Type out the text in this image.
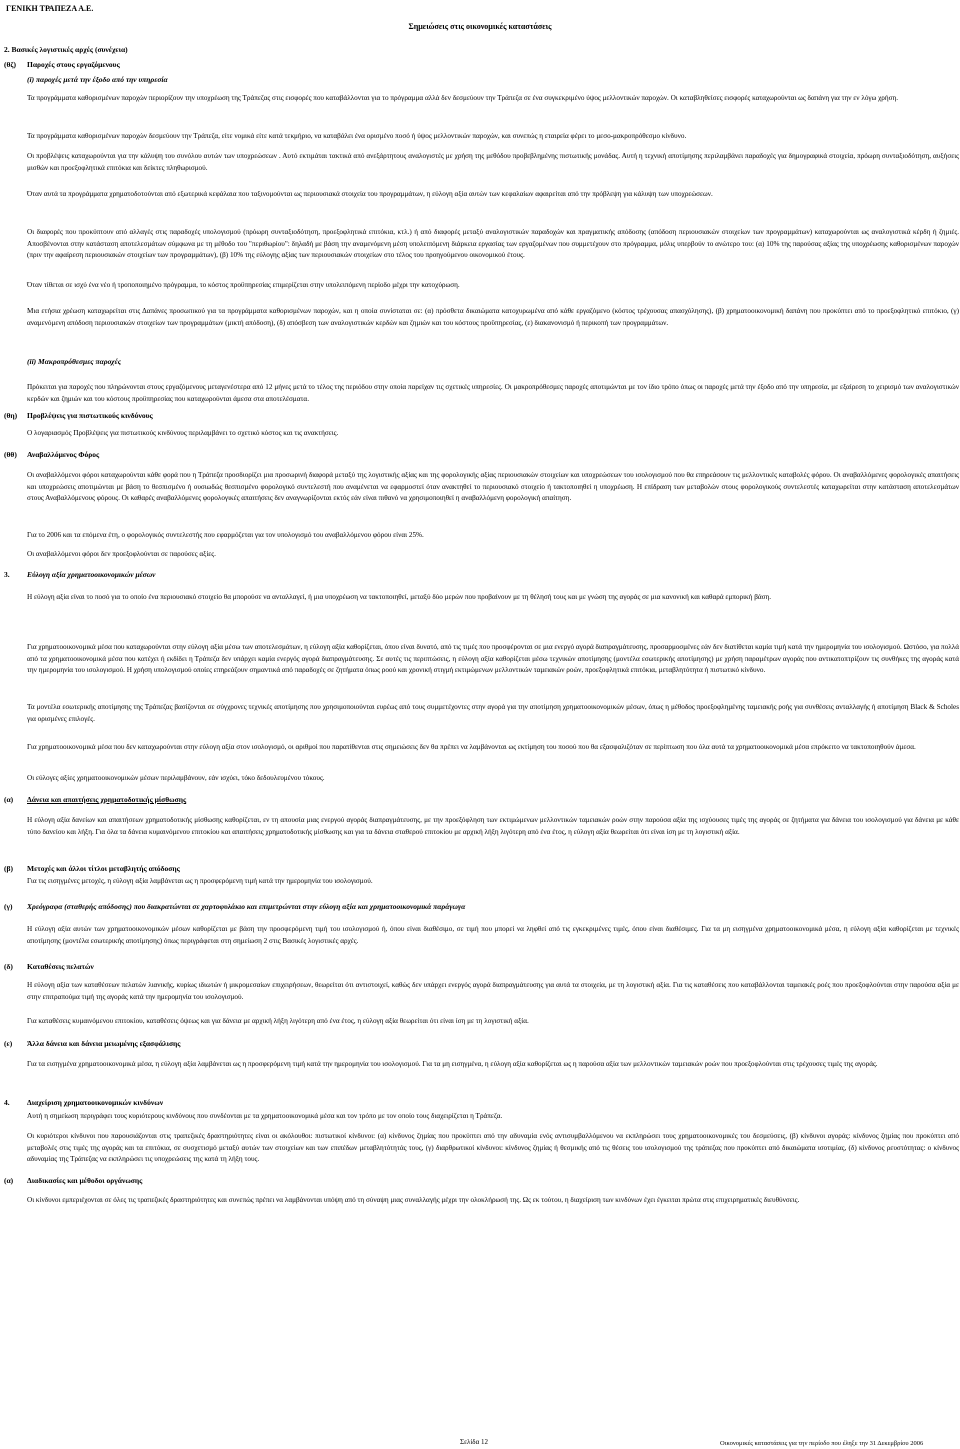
ΓΕΝΙΚΗ ΤΡΑΠΕΖΑ Α.Ε.
Σημειώσεις στις οικονομικές καταστάσεις
2. Βασικές λογιστικές αρχές (συνέχεια)
(θζ) Παροχές στους εργαζόμενους
(i) παροχές μετά την έξοδο από την υπηρεσία
Τα προγράμματα καθορισμένων παροχών περιορίζουν την υποχρέωση της Τράπεζας στις εισφορές που καταβάλλονται για το πρόγραμμα αλλά δεν δεσμεύουν την Τράπεζα σε ένα συγκεκριμένο ύψος μελλοντικών παροχών. Οι καταβληθείσες εισφορές καταχωρούνται ως δαπάνη για την εν λόγω χρήση.
Τα προγράμματα καθορισμένων παροχών δεσμεύουν την Τράπεζα, είτε νομικά είτε κατά τεκμήριο, να καταβάλει ένα ορισμένο ποσό ή ύψος μελλοντικών παροχών, και συνεπώς η εταιρεία φέρει το μεσο-μακροπρόθεσμο κίνδυνο.
Οι προβλέψεις καταχωρούνται για την κάλυψη του συνόλου αυτών των υποχρεώσεων . Αυτό εκτιμάται τακτικά από ανεξάρτητους αναλογιστές με χρήση της μεθόδου προβεβλημένης πιστωτικής μονάδας. Αυτή η τεχνική αποτίμησης περιλαμβάνει παραδοχές για δημογραφικά στοιχεία, πρόωρη συνταξιοδότηση, αυξήσεις μισθών και προεξοφλητικά επιτόκια και δείκτες πληθωρισμού.
Όταν αυτά τα προγράμματα χρηματοδοτούνται από εξωτερικά κεφάλαια που ταξινομούνται ως περιουσιακά στοιχεία του προγραμμάτων, η εύλογη αξία αυτών των κεφαλαίων αφαιρείται από την πρόβλεψη για κάλυψη των υποχρεώσεων.
Οι διαφορές που προκύπτουν από αλλαγές στις παραδοχές υπολογισμού (πρόωρη συνταξιοδότηση, προεξοφλητικά επιτόκια, κτλ.) ή από διαφορές μεταξύ αναλογιστικών παραδοχών και πραγματικής απόδοσης (απόδοση περιουσιακών στοιχείων των προγραμμάτων) καταχωρούνται ως αναλογιστικά κέρδη ή ζημιές. Αποσβένονται στην κατάσταση αποτελεσμάτων σύμφωνα με τη μέθοδο του "περιθωρίου": δηλαδή με βάση την αναμενόμενη μέση υπολειπόμενη διάρκεια εργασίας των εργαζομένων που συμμετέχουν στο πρόγραμμα, μόλις υπερβούν το ανώτερο του: (α) 10% της παρούσας αξίας της υποχρέωσης καθορισμένων παροχών (πριν την αφαίρεση περιουσιακών στοιχείων των προγραμμάτων), (β) 10% της εύλογης αξίας των περιουσιακών στοιχείων στο τέλος του προηγούμενου οικονομικού έτους.
Όταν τίθεται σε ισχύ ένα νέο ή τροποποιημένο πρόγραμμα, το κόστος προϋπηρεσίας επιμερίζεται στην υπολειπόμενη περίοδο μέχρι την κατοχύρωση.
Μια ετήσια χρέωση καταχωρείται στις Δαπάνες προσωπικού για τα προγράμματα καθορισμένων παροχών, και η οποία συνίσταται σε: (α) πρόσθετα δικαιώματα κατοχυρωμένα από κάθε εργαζόμενο (κόστος τρέχουσας απασχόλησης), (β) χρηματοοικονομική δαπάνη που προκύπτει από το προεξοφλητικό επιτόκιο, (γ) αναμενόμενη απόδοση περιουσιακών στοιχείων των προγραμμάτων (μικτή απόδοση), (δ) απόσβεση των αναλογιστικών κερδών και ζημιών και του κόστους προϋπηρεσίας, (ε) διακανονισμό ή περικοπή των προγραμμάτων.
(ii) Μακροπρόθεσμες παροχές
Πρόκειται για παροχές που πληρώνονται στους εργαζόμενους μεταγενέστερα από 12 μήνες μετά το τέλος της περιόδου στην οποία παρείχαν τις σχετικές υπηρεσίες. Οι μακροπρόθεσμες παροχές αποτιμώνται με τον ίδιο τρόπο όπως οι παροχές μετά την έξοδο από την υπηρεσία, με εξαίρεση το χειρισμό των αναλογιστικών κερδών και ζημιών και του κόστους προϋπηρεσίας που καταχωρούνται άμεσα στα αποτελέσματα.
(θη) Προβλέψεις για πιστωτικούς κινδύνους
Ο λογαριασμός Προβλέψεις για πιστωτικούς κινδύνους περιλαμβάνει το σχετικό κόστος και τις ανακτήσεις.
(θθ) Αναβαλλόμενος Φόρος
Οι αναβαλλόμενοι φόροι καταχωρούνται κάθε φορά που η Τράπεζα προσδιορίζει μια προσωρινή διαφορά μεταξύ της λογιστικής αξίας και της φορολογικής αξίας περιουσιακών στοιχείων και υποχρεώσεων του ισολογισμού που θα επηρεάσουν τις μελλοντικές καταβολές φόρου. Οι αναβαλλόμενες φορολογικές απαιτήσεις και υποχρεώσεις αποτιμώνται με βάση το θεσπισμένο ή ουσιωδώς θεσπισμένο φορολογικό συντελεστή που αναμένεται να εφαρμοστεί όταν ανακτηθεί το περιουσιακό στοιχείο ή τακτοποιηθεί η υποχρέωση. Η επίδραση των μεταβολών στους φορολογικούς συντελεστές καταχωρείται στην κατάσταση αποτελεσμάτων στους Αναβαλλόμενους φόρους. Οι καθαρές αναβαλλόμενες φορολογικές απαιτήσεις δεν αναγνωρίζονται εκτός εάν είναι πιθανό να χρησιμοποιηθεί η αναβαλλόμενη φορολογική απαίτηση.
Για το 2006 και τα επόμενα έτη, ο φορολογικός συντελεστής που εφαρμόζεται για τον υπολογισμό του αναβαλλόμενου φόρου είναι 25%.
Οι αναβαλλόμενοι φόροι δεν προεξοφλούνται σε παρούσες αξίες.
3. Εύλογη αξία χρηματοοικονομικών μέσων
Η εύλογη αξία είναι το ποσό για το οποίο ένα περιουσιακό στοιχείο θα μπορούσε να ανταλλαγεί, ή μια υποχρέωση να τακτοποιηθεί, μεταξύ δύο μερών που προβαίνουν με τη θέλησή τους και με γνώση της αγοράς σε μια κανονική και καθαρά εμπορική βάση.
Για χρηματοοικονομικά μέσα που καταχωρούνται στην εύλογη αξία μέσω των αποτελεσμάτων, η εύλογη αξία καθορίζεται, όπου είναι δυνατό, από τις τιμές που προσφέρονται σε μια ενεργό αγορά διαπραγμάτευσης, προσαρμοσμένες εάν δεν διατίθεται καμία τιμή κατά την ημερομηνία του ισολογισμού. Ωστόσο, για πολλά από τα χρηματοοικονομικά μέσα που κατέχει ή εκδίδει η Τράπεζα δεν υπάρχει καμία ενεργός αγορά διαπραγμάτευσης. Σε αυτές τις περιπτώσεις, η εύλογη αξία καθορίζεται μέσω τεχνικών αποτίμησης (μοντέλα εσωτερικής αποτίμησης) με χρήση παραμέτρων αγοράς που αντικατοπτρίζουν τις συνθήκες της αγοράς κατά την ημερομηνία του ισολογισμού. Η χρήση υπολογισμού οποίες επηρεάζουν σημαντικά από παραδοχές σε ζητήματα όπως ροού και χρονική στιγμή εκτιμώμενων μελλοντικών ταμειακών ροών, προεξοφλητικά επιτόκια, μεταβλητότητα ή πιστωτικό κίνδυνο.
Τα μοντέλα εσωτερικής αποτίμησης της Τράπεζας βασίζονται σε σύγχρονες τεχνικές αποτίμησης που χρησιμοποιούνται ευρέως από τους συμμετέχοντες στην αγορά για την αποτίμηση χρηματοοικονομικών μέσων, όπως η μέθοδος προεξοφλημένης ταμειακής ροής για συνθέσεις ανταλλαγής ή αποτίμηση Black & Scholes για ορισμένες επιλογές.
Για χρηματοοικονομικά μέσα που δεν καταχωρούνται στην εύλογη αξία στον ισολογισμό, οι αριθμοί που παρατίθενται στις σημειώσεις δεν θα πρέπει να λαμβάνονται ως εκτίμηση του ποσού που θα εξασφαλιζόταν σε περίπτωση που όλα αυτά τα χρηματοοικονομικά μέσα επρόκειτο να τακτοποιηθούν άμεσα.
Οι εύλογες αξίες χρηματοοικονομικών μέσων περιλαμβάνουν, εάν ισχύει, τόκο δεδουλευμένου τόκους.
(α) Δάνεια και απαιτήσεις χρηματοδοτικής μίσθωσης
Η εύλογη αξία δανείων και απαιτήσεων χρηματοδοτικής μίσθωσης καθορίζεται, εν τη απουσία μιας ενεργού αγοράς διαπραγμάτευσης, με την προεξόφληση των εκτιμώμενων μελλοντικών ταμειακών ροών στην παρούσα αξία της ισχύουσες τιμές της αγοράς σε ζητήματα για δάνεια του ισολογισμού για δάνεια με κάθε τύπο δανείου και λήξη. Για όλα τα δάνεια κυμαινόμενου επιτοκίου και απαιτήσεις χρηματοδοτικής μίσθωσης και για τα δάνεια σταθερού επιτοκίου με αρχική λήξη λιγότερη από ένα έτος, η εύλογη αξία θεωρείται ότι είναι ίση με τη λογιστική αξία.
(β) Μετοχές και άλλοι τίτλοι μεταβλητής απόδοσης
Για τις εισηγμένες μετοχές, η εύλογη αξία λαμβάνεται ως η προσφερόμενη τιμή κατά την ημερομηνία του ισολογισμού.
(γ) Χρεόγραφα (σταθερής απόδοσης) που διακρατώνται σε χαρτοφυλάκιο και επιμετρώνται στην εύλογη αξία και χρηματοοικονομικά παράγωγα
Η εύλογη αξία αυτών των χρηματοοικονομικών μέσων καθορίζεται με βάση την προσφερόμενη τιμή του ισολογισμού ή, όπου είναι διαθέσιμο, σε τιμή που μπορεί να ληφθεί από τις εγκεκριμένες τιμές, όπου είναι διαθέσιμες. Για τα μη εισηγμένα χρηματοοικονομικά μέσα, η εύλογη αξία καθορίζεται με τεχνικές αποτίμησης (μοντέλα εσωτερικής αποτίμησης) όπως περιγράφεται στη σημείωση 2 στις Βασικές λογιστικές αρχές.
(δ) Καταθέσεις πελατών
Η εύλογη αξία των καταθέσεων πελατών λιανικής, κυρίως ιδιωτών ή μικρομεσαίων επιχειρήσεων, θεωρείται ότι αντιστοιχεί, καθώς δεν υπάρχει ενεργός αγορά διαπραγμάτευσης για αυτά τα στοιχεία, με τη λογιστική αξία. Για τις καταθέσεις που καταβάλλονται ταμειακές ροές που προεξοφλούνται στην παρούσα αξία με στην επιτραπούμα τιμή της αγοράς κατά την ημερομηνία του ισολογισμού.
Για καταθέσεις κυμαινόμενου επιτοκίου, καταθέσεις όψεως και για δάνεια με αρχική λήξη λιγότερη από ένα έτος, η εύλογη αξία θεωρείται ότι είναι ίση με τη λογιστική αξία.
(ε) Άλλα δάνεια και δάνεια μειωμένης εξασφάλισης
Για τα εισηγμένα χρηματοοικονομικά μέσα, η εύλογη αξία λαμβάνεται ως η προσφερόμενη τιμή κατά την ημερομηνία του ισολογισμού. Για τα μη εισηγμένα, η εύλογη αξία καθορίζεται ως η παρούσα αξία των μελλοντικών ταμειακών ροών που προεξοφλούνται στις τρέχουσες τιμές της αγοράς.
4. Διαχείριση χρηματοοικονομικών κινδύνων
Αυτή η σημείωση περιγράφει τους κυριότερους κινδύνους που συνδέονται με τα χρηματοοικονομικά μέσα και τον τρόπο με τον οποίο τους διαχειρίζεται η Τράπεζα.
Οι κυριότεροι κίνδυνοι που παρουσιάζονται στις τραπεζικές δραστηριότητες είναι οι ακόλουθοι: πιστωτικοί κίνδυνοι: (α) κίνδυνος ζημίας που προκύπτει από την αδυναμία ενός αντισυμβαλλόμενου να εκπληρώσει τους χρηματοοικονομικές του δεσμεύσεις, (β) κίνδυνοι αγοράς: κίνδυνος ζημίας που προκύπτει από μεταβολές στις τιμές της αγοράς και τα επιτόκια, σε συσχετισμό μεταξύ αυτών των στοιχείων και των επιπέδων μεταβλητότητάς τους, (γ) διαρθρωτικοί κίνδυνοι: κίνδυνος ζημίας ή θεσμικής από τις θέσεις του ισολογισμού της τράπεζας που προκύπτει από δικαιώματα ισοτιμίας, (δ) κίνδυνος ρευστότητας: ο κίνδυνος αδυναμίας της Τράπεζας να εκπληρώσει τις υποχρεώσεις της κατά τη λήξη τους.
(α) Διαδικασίες και μέθοδοι οργάνωσης
Οι κίνδυνοι εμπεριέχονται σε όλες τις τραπεζικές δραστηριότητες και συνεπώς πρέπει να λαμβάνονται υπόψη από τη σύναψη μιας συναλλαγής μέχρι την ολοκλήρωσή της. Ως εκ τούτου, η διαχείριση των κινδύνων έχει έγκειται πρώτα στις επιχειρηματικές διευθύνσεις.
Σελίδα 12	Οικονομικές καταστάσεις για την περίοδο που έληξε την 31 Δεκεμβρίου 2006
